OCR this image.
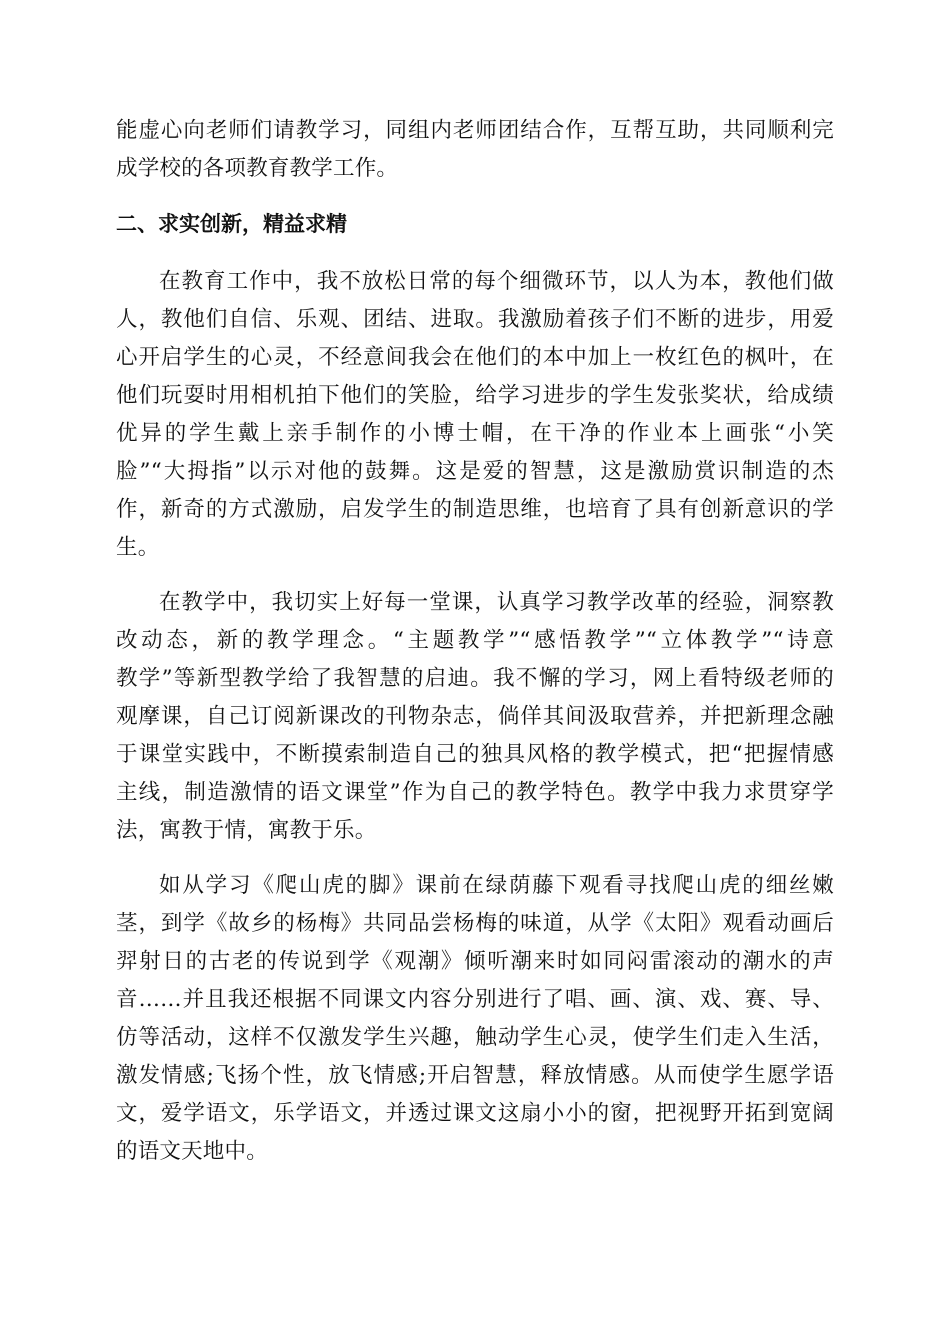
能虚心向老师们请教学习，同组内老师团结合作，互帮互助，共同顺利完
成学校的各项教育教学工作。
二、求实创新，精益求精
在教育工作中，我不放松日常的每个细微环节，以人为本，教他们做
人，教他们自信、乐观、团结、进取。我激励着孩子们不断的进步，用爱
心开启学生的心灵，不经意间我会在他们的本中加上一枚红色的枫叶，在
他们玩耍时用相机拍下他们的笑脸，给学习进步的学生发张奖状，给成绩
优异的学生戴上亲手制作的小博士帽，在干净的作业本上画张“小笑
脸”“大拇指”以示对他的鼓舞。这是爱的智慧，这是激励赏识制造的杰
作，新奇的方式激励，启发学生的制造思维，也培育了具有创新意识的学
生。
在教学中，我切实上好每一堂课，认真学习教学改革的经验，洞察教
改动态，新的教学理念。“主题教学”“感悟教学”“立体教学”“诗意
教学”等新型教学给了我智慧的启迪。我不懈的学习，网上看特级老师的
观摩课，自己订阅新课改的刊物杂志，倘佯其间汲取营养，并把新理念融
于课堂实践中，不断摸索制造自己的独具风格的教学模式，把“把握情感
主线，制造激情的语文课堂”作为自己的教学特色。教学中我力求贯穿学
法，寓教于情，寓教于乐。
如从学习《爬山虎的脚》课前在绿荫藤下观看寻找爬山虎的细丝嫩
茎，到学《故乡的杨梅》共同品尝杨梅的味道，从学《太阳》观看动画后
羿射日的古老的传说到学《观潮》倾听潮来时如同闷雷滚动的潮水的声
音……并且我还根据不同课文内容分别进行了唱、画、演、戏、赛、导、
仿等活动，这样不仅激发学生兴趣，触动学生心灵，使学生们走入生活，
激发情感;飞扬个性，放飞情感;开启智慧，释放情感。从而使学生愿学语
文，爱学语文，乐学语文，并透过课文这扇小小的窗，把视野开拓到宽阔
的语文天地中。
